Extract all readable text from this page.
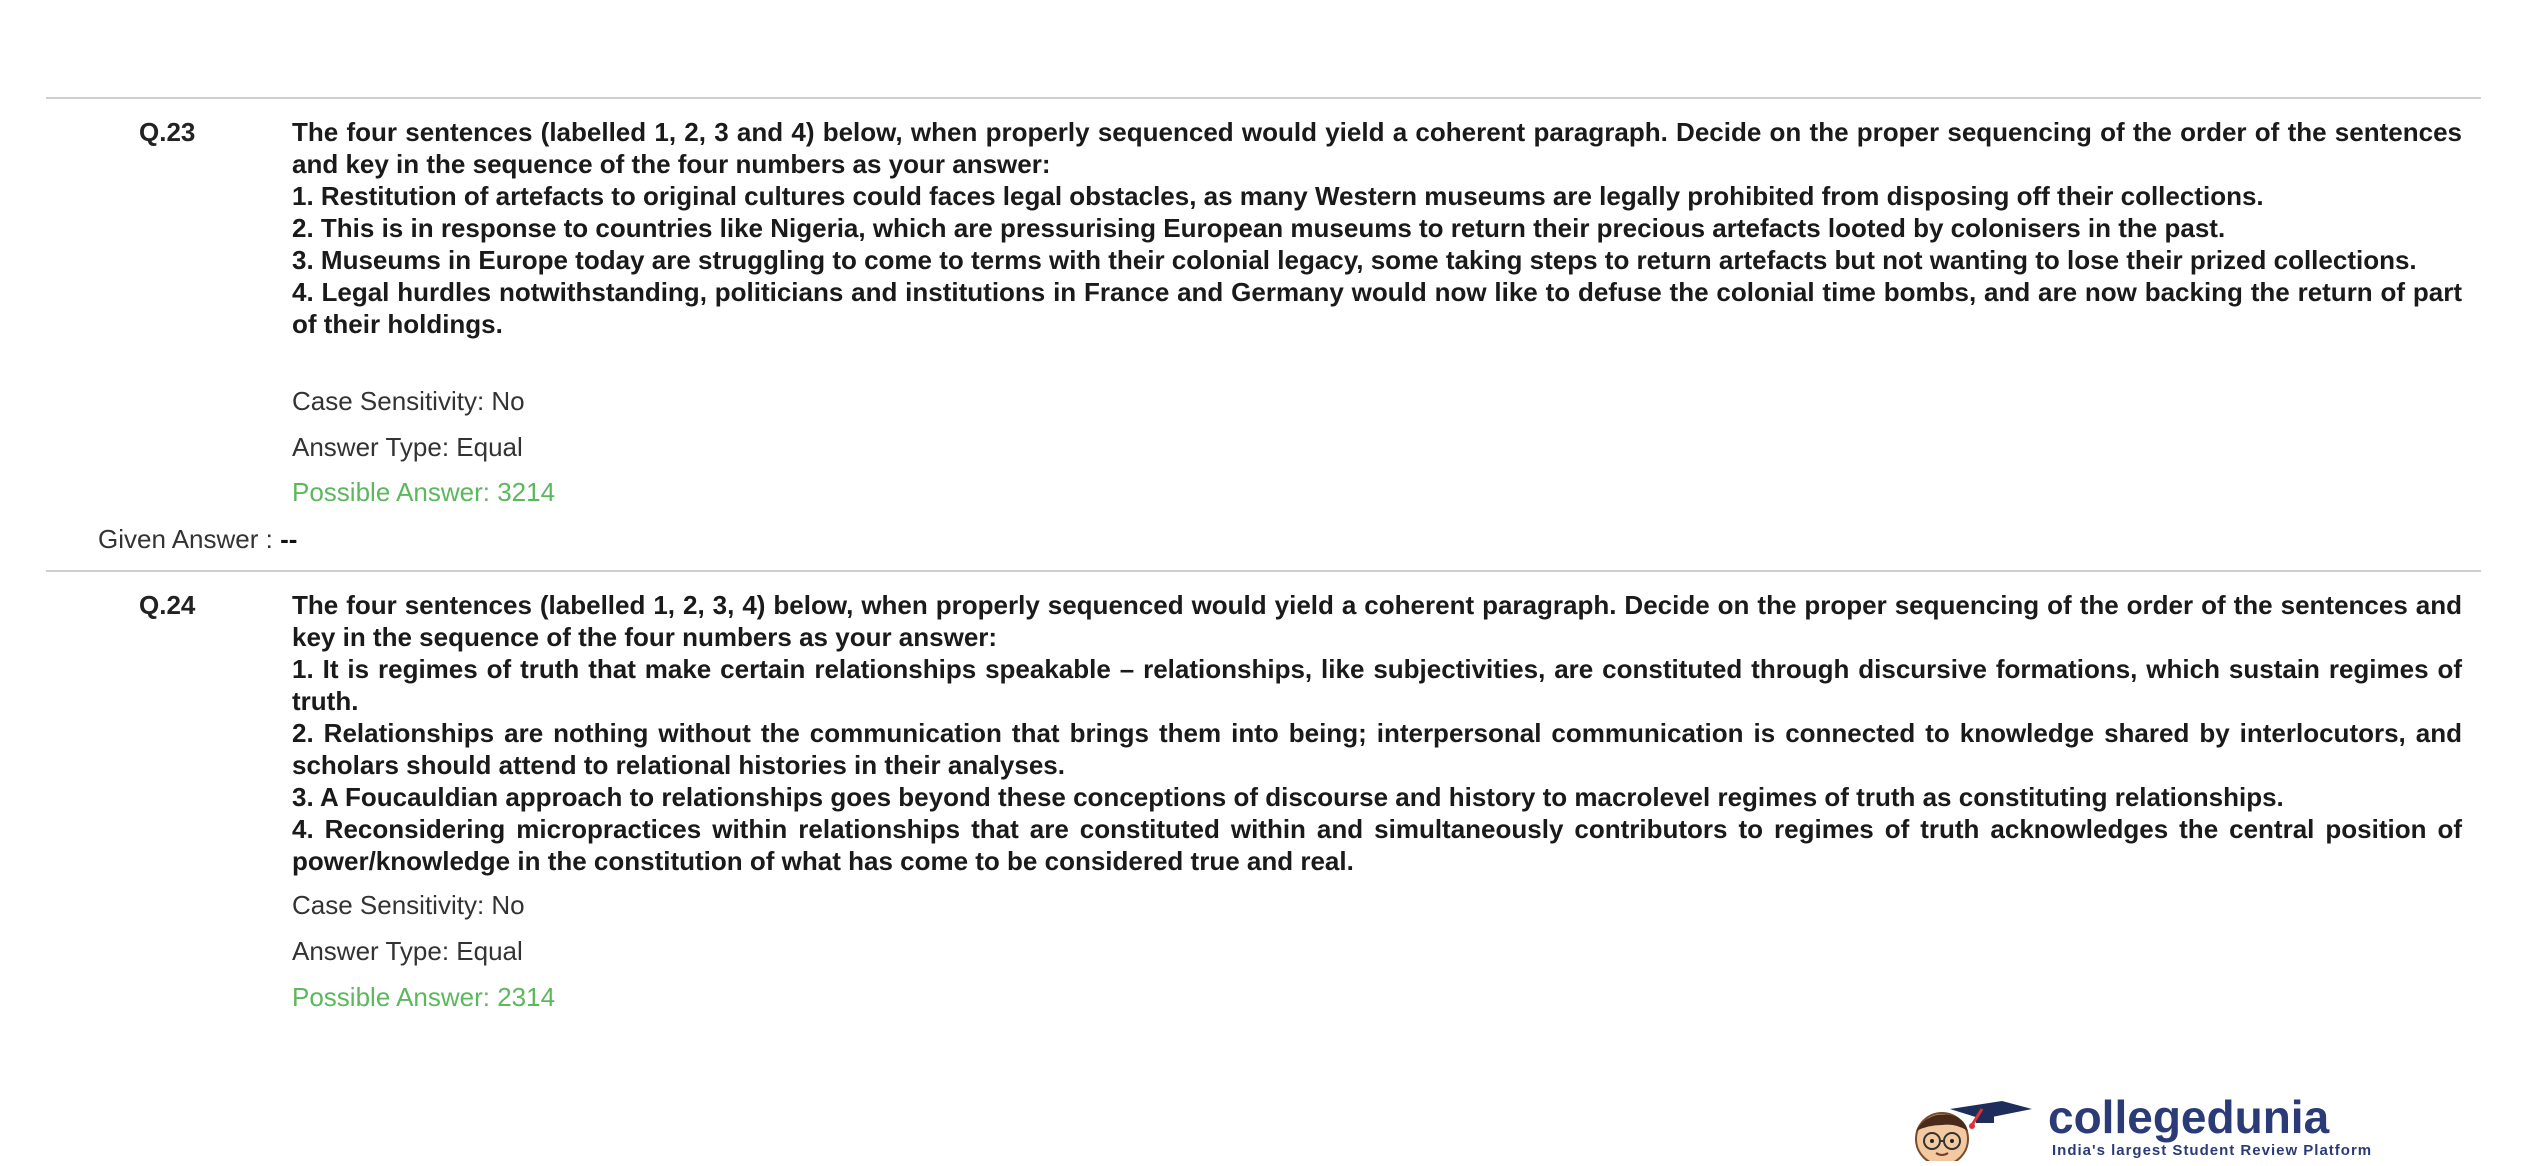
Q.23	The four sentences (labelled 1, 2, 3 and 4) below, when properly sequenced would yield a coherent paragraph. Decide on the proper sequencing of the order of the sentences and key in the sequence of the four numbers as your answer:

1. Restitution of artefacts to original cultures could faces legal obstacles, as many Western museums are legally prohibited from disposing off their collections.

2. This is in response to countries like Nigeria, which are pressurising European museums to return their precious artefacts looted by colonisers in the past.

3. Museums in Europe today are struggling to come to terms with their colonial legacy, some taking steps to return artefacts but not wanting to lose their prized collections.

4. Legal hurdles notwithstanding, politicians and institutions in France and Germany would now like to defuse the colonial time bombs, and are now backing the return of part of their holdings.

Case Sensitivity: No
Answer Type: Equal
Possible Answer: 3214
Given Answer : --
Q.24	The four sentences (labelled 1, 2, 3, 4) below, when properly sequenced would yield a coherent paragraph. Decide on the proper sequencing of the order of the sentences and key in the sequence of the four numbers as your answer:

1. It is regimes of truth that make certain relationships speakable – relationships, like subjectivities, are constituted through discursive formations, which sustain regimes of truth.

2. Relationships are nothing without the communication that brings them into being; interpersonal communication is connected to knowledge shared by interlocutors, and scholars should attend to relational histories in their analyses.

3. A Foucauldian approach to relationships goes beyond these conceptions of discourse and history to macrolevel regimes of truth as constituting relationships.

4. Reconsidering micropractices within relationships that are constituted within and simultaneously contributors to regimes of truth acknowledges the central position of power/knowledge in the constitution of what has come to be considered true and real.

Case Sensitivity: No
Answer Type: Equal
Possible Answer: 2314
collegedunia
India's largest Student Review Platform
